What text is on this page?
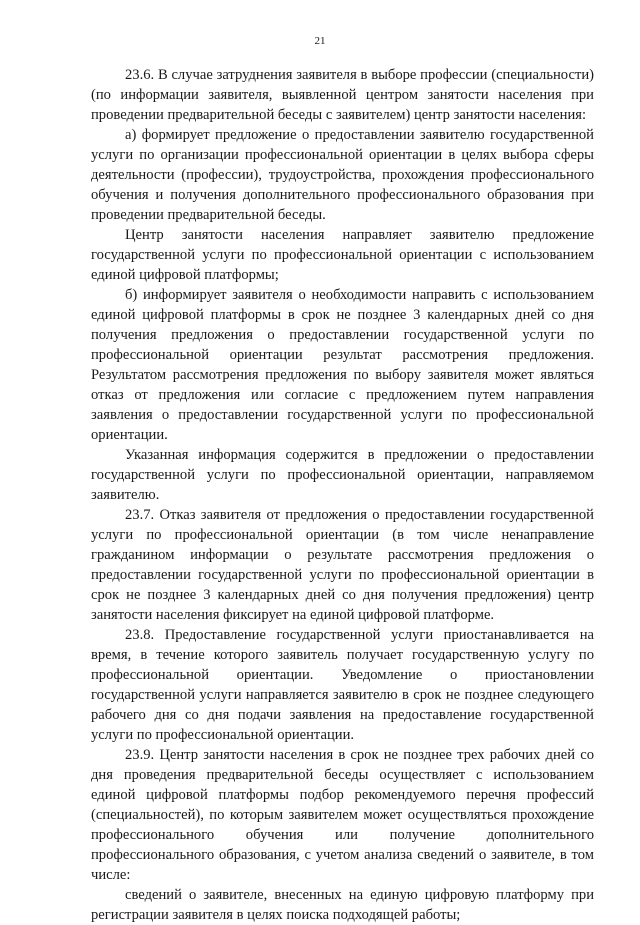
21

23.6. В случае затруднения заявителя в выборе профессии (специальности) (по информации заявителя, выявленной центром занятости населения при проведении предварительной беседы с заявителем) центр занятости населения:

а) формирует предложение о предоставлении заявителю государственной услуги по организации профессиональной ориентации в целях выбора сферы деятельности (профессии), трудоустройства, прохождения профессионального обучения и получения дополнительного профессионального образования при проведении предварительной беседы.

Центр занятости населения направляет заявителю предложение государственной услуги по профессиональной ориентации с использованием единой цифровой платформы;

б) информирует заявителя о необходимости направить с использованием единой цифровой платформы в срок не позднее 3 календарных дней со дня получения предложения о предоставлении государственной услуги по профессиональной ориентации результат рассмотрения предложения. Результатом рассмотрения предложения по выбору заявителя может являться отказ от предложения или согласие с предложением путем направления заявления о предоставлении государственной услуги по профессиональной ориентации.

Указанная информация содержится в предложении о предоставлении государственной услуги по профессиональной ориентации, направляемом заявителю.

23.7. Отказ заявителя от предложения о предоставлении государственной услуги по профессиональной ориентации (в том числе ненаправление гражданином информации о результате рассмотрения предложения о предоставлении государственной услуги по профессиональной ориентации в срок не позднее 3 календарных дней со дня получения предложения) центр занятости населения фиксирует на единой цифровой платформе.

23.8. Предоставление государственной услуги приостанавливается на время, в течение которого заявитель получает государственную услугу по профессиональной ориентации. Уведомление о приостановлении государственной услуги направляется заявителю в срок не позднее следующего рабочего дня со дня подачи заявления на предоставление государственной услуги по профессиональной ориентации.

23.9. Центр занятости населения в срок не позднее трех рабочих дней со дня проведения предварительной беседы осуществляет с использованием единой цифровой платформы подбор рекомендуемого перечня профессий (специальностей), по которым заявителем может осуществляться прохождение профессионального обучения или получение дополнительного профессионального образования, с учетом анализа сведений о заявителе, в том числе:

сведений о заявителе, внесенных на единую цифровую платформу при регистрации заявителя в целях поиска подходящей работы;
